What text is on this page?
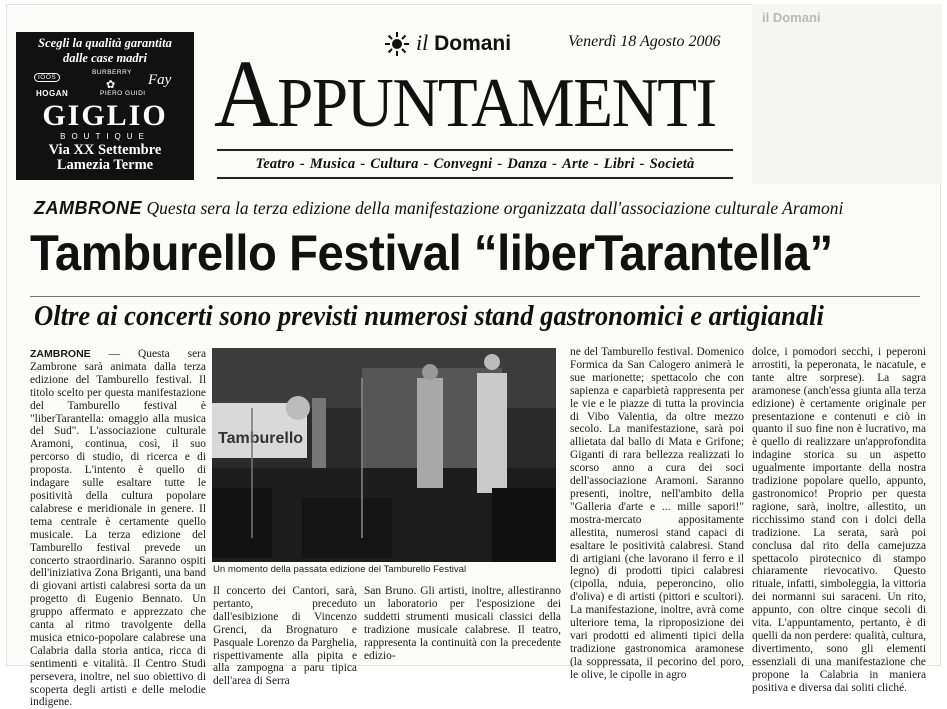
il Domani
Scegli la qualità garantita
dalle case madri
IOOS
BURBERRY Fay
HOGAN	PIERO GUIDI
✿
GIGLIO
BOUTIQUE
Via XX Settembre
Lamezia Terme
il Domani	Venerdì 18 Agosto 2006
APPUNTAMENTI
Teatro - Musica - Cultura - Convegni - Danza - Arte - Libri - Società
ZAMBRONE Questa sera la terza edizione della manifestazione organizzata dall'associazione culturale Aramoni
Tamburello Festival “liberTarantella”
Oltre ai concerti sono previsti numerosi stand gastronomici e artigianali

ZAMBRONE — Questa sera Zambrone sarà animata dalla terza edizione del Tamburello festival. Il titolo scelto per questa manifestazione del Tamburello festival è "liberTarantella: omaggio alla musica del Sud". L'associazione culturale Aramoni, continua, così, il suo percorso di studio, di ricerca e di proposta. L'intento è quello di indagare sulle esaltare tutte le positività della cultura popolare calabrese e meridionale in genere. Il tema centrale è certamente quello musicale. La terza edizione del Tamburello festival prevede un concerto straordinario. Saranno ospiti dell'iniziativa Zona Briganti, una band di giovani artisti calabresi sorta da un progetto di Eugenio Bennato. Un gruppo affermato e apprezzato che canta al ritmo travolgente della musica etnico-popolare calabrese una Calabria dalla storia antica, ricca di sentimenti e vitalità. Il Centro Studi persevera, inoltre, nel suo obiettivo di scoperta degli artisti e delle melodie indigene.

Tamburello
Un momento della passata edizione del Tamburello Festival

Il concerto dei Cantori, sarà, pertanto, preceduto dall'esibizione di Vincenzo Grenci, da Brognaturo e Pasquale Lorenzo da Parghelia, rispettivamente alla pipita e alla zampogna a paru tipica dell'area di Serra

San Bruno. Gli artisti, inoltre, allestiranno un laboratorio per l'esposizione dei suddetti strumenti musicali classici della tradizione musicale calabrese. Il teatro, rappresenta la continuità con la precedente edizio-

ne del Tamburello festival. Domenico Formica da San Calogero animerà le sue marionette; spettacolo che con sapienza e caparbietà rappresenta per le vie e le piazze di tutta la provincia di Vibo Valentia, da oltre mezzo secolo. La manifestazione, sarà poi allietata dal ballo di Mata e Grifone; Giganti di rara bellezza realizzati lo scorso anno a cura dei soci dell'associazione Aramoni. Saranno presenti, inoltre, nell'ambito della "Galleria d'arte e ... mille sapori!" mostra-mercato appositamente allestita, numerosi stand capaci di esaltare le positività calabresi. Stand di artigiani (che lavorano il ferro e il legno) di prodotti tipici calabresi (cipolla, nduia, peperoncino, olio d'oliva) e di artisti (pittori e scultori). La manifestazione, inoltre, avrà come ulteriore tema, la riproposizione dei vari prodotti ed alimenti tipici della tradizione gastronomica aramonese (la soppressata, il pecorino del poro, le olive, le cipolle in agro

dolce, i pomodori secchi, i peperoni arrostiti, la peperonata, le nacatule, e tante altre sorprese). La sagra aramonese (anch'essa giunta alla terza edizione) è certamente originale per presentazione e contenuti e ciò in quanto il suo fine non è lucrativo, ma è quello di realizzare un'approfondita indagine storica su un aspetto ugualmente importante della nostra tradizione popolare quello, appunto, gastronomico! Proprio per questa ragione, sarà, inoltre, allestito, un ricchissimo stand con i dolci della tradizione. La serata, sarà poi conclusa dal rito della camejuzza spettacolo pirotecnico di stampo chiaramente rievocativo. Questo rituale, infatti, simboleggia, la vittoria dei normanni sui saraceni. Un rito, appunto, con oltre cinque secoli di vita. L'appuntamento, pertanto, è di quelli da non perdere: qualità, cultura, divertimento, sono gli elementi essenziali di una manifestazione che propone la Calabria in maniera positiva e diversa dai soliti cliché.
